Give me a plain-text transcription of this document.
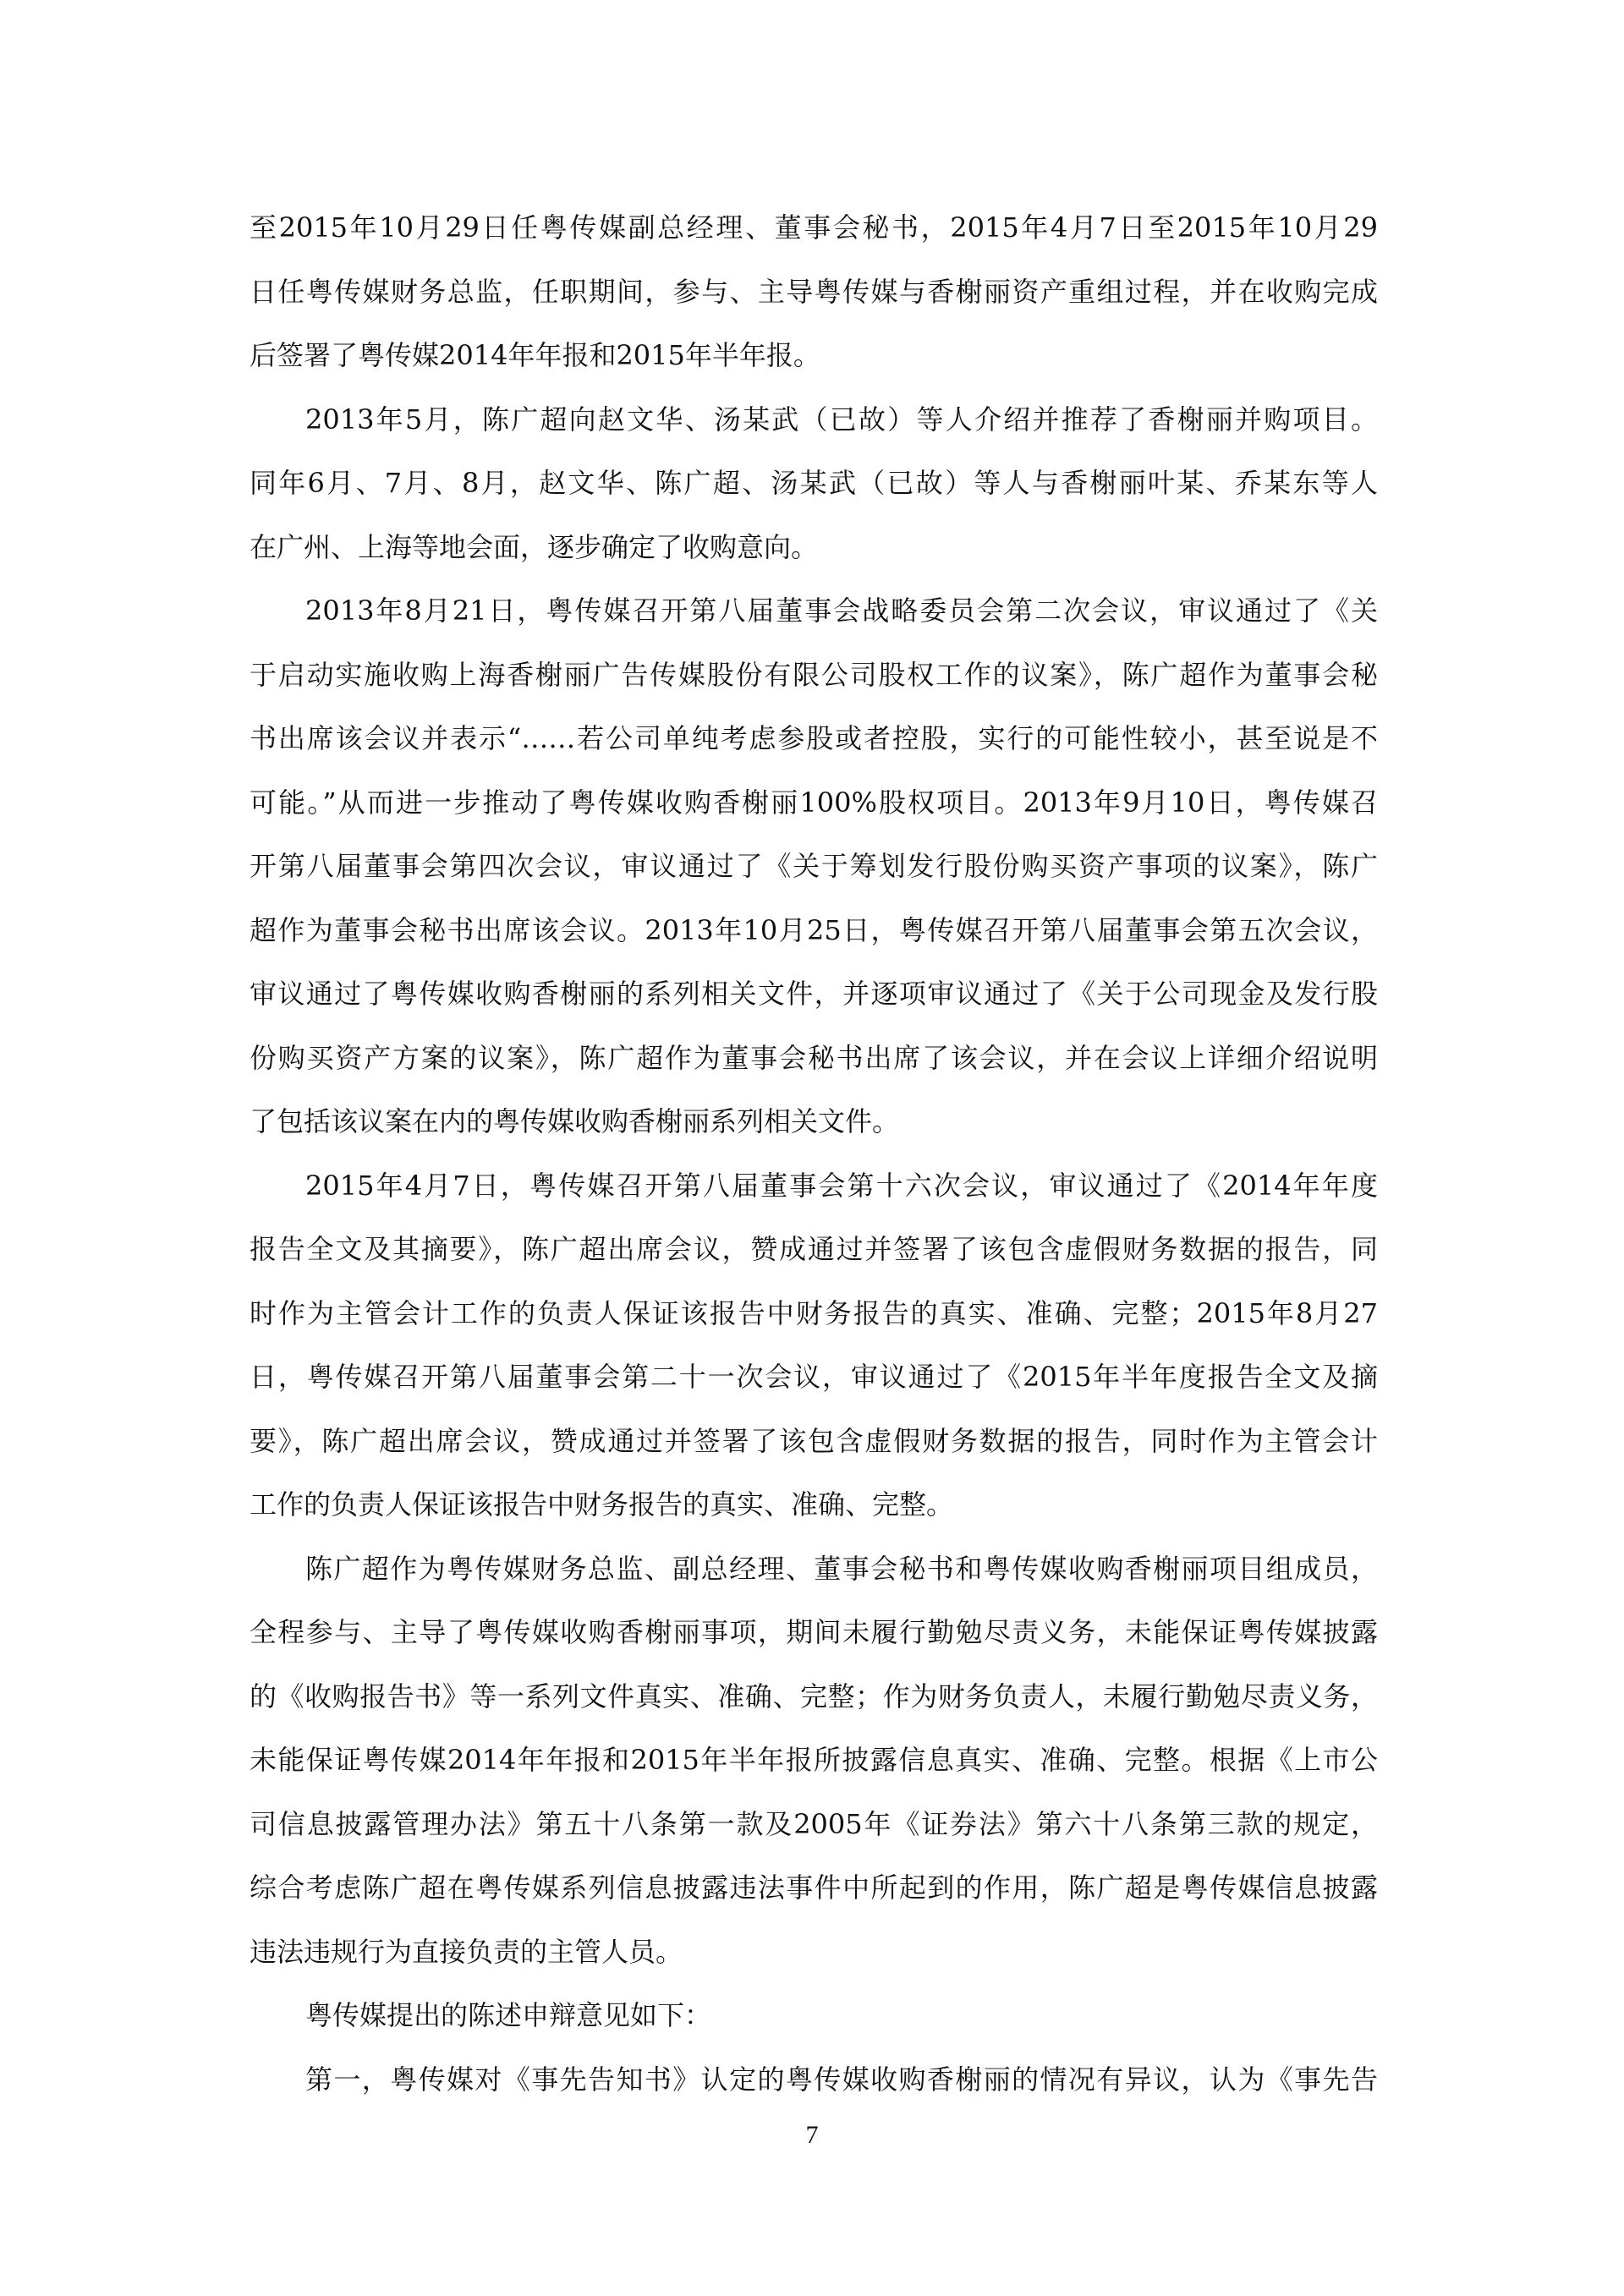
至2015年10月29日任粤传媒副总经理、董事会秘书，2015年4月7日至2015年10月29
日任粤传媒财务总监，任职期间，参与、主导粤传媒与香榭丽资产重组过程，并在收购完成
后签署了粤传媒2014年年报和2015年半年报。
2013年5月，陈广超向赵文华、汤某武（已故）等人介绍并推荐了香榭丽并购项目。
同年6月、7月、8月，赵文华、陈广超、汤某武（已故）等人与香榭丽叶某、乔某东等人
在广州、上海等地会面，逐步确定了收购意向。
2013年8月21日，粤传媒召开第八届董事会战略委员会第二次会议，审议通过了《关
于启动实施收购上海香榭丽广告传媒股份有限公司股权工作的议案》，陈广超作为董事会秘
书出席该会议并表示“……若公司单纯考虑参股或者控股，实行的可能性较小，甚至说是不
可能。”从而进一步推动了粤传媒收购香榭丽100%股权项目。2013年9月10日，粤传媒召
开第八届董事会第四次会议，审议通过了《关于筹划发行股份购买资产事项的议案》，陈广
超作为董事会秘书出席该会议。2013年10月25日，粤传媒召开第八届董事会第五次会议，
审议通过了粤传媒收购香榭丽的系列相关文件，并逐项审议通过了《关于公司现金及发行股
份购买资产方案的议案》，陈广超作为董事会秘书出席了该会议，并在会议上详细介绍说明
了包括该议案在内的粤传媒收购香榭丽系列相关文件。
2015年4月7日，粤传媒召开第八届董事会第十六次会议，审议通过了《2014年年度
报告全文及其摘要》，陈广超出席会议，赞成通过并签署了该包含虚假财务数据的报告，同
时作为主管会计工作的负责人保证该报告中财务报告的真实、准确、完整；2015年8月27
日，粤传媒召开第八届董事会第二十一次会议，审议通过了《2015年半年度报告全文及摘
要》，陈广超出席会议，赞成通过并签署了该包含虚假财务数据的报告，同时作为主管会计
工作的负责人保证该报告中财务报告的真实、准确、完整。
陈广超作为粤传媒财务总监、副总经理、董事会秘书和粤传媒收购香榭丽项目组成员，
全程参与、主导了粤传媒收购香榭丽事项，期间未履行勤勉尽责义务，未能保证粤传媒披露
的《收购报告书》等一系列文件真实、准确、完整；作为财务负责人，未履行勤勉尽责义务，
未能保证粤传媒2014年年报和2015年半年报所披露信息真实、准确、完整。根据《上市公
司信息披露管理办法》第五十八条第一款及2005年《证券法》第六十八条第三款的规定，
综合考虑陈广超在粤传媒系列信息披露违法事件中所起到的作用，陈广超是粤传媒信息披露
违法违规行为直接负责的主管人员。
粤传媒提出的陈述申辩意见如下：
第一，粤传媒对《事先告知书》认定的粤传媒收购香榭丽的情况有异议，认为《事先告
7
